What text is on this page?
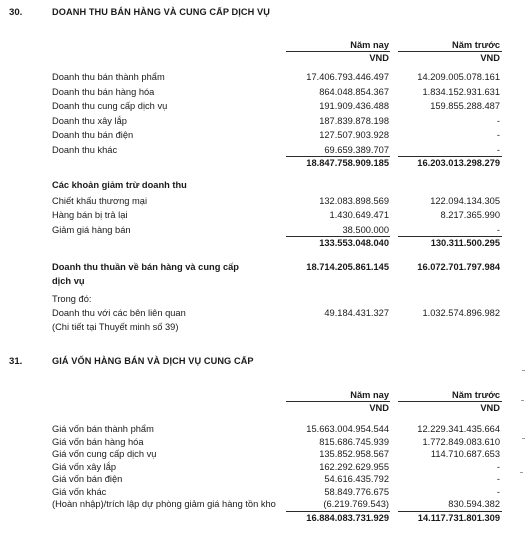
30.	DOANH THU BÁN HÀNG VÀ CUNG CẤP DỊCH VỤ
Năm nay	Năm trước
VND	VND
Doanh thu bán thành phẩm	17.406.793.446.497	14.209.005.078.161
Doanh thu bán hàng hóa	864.048.854.367	1.834.152.931.631
Doanh thu cung cấp dịch vụ	191.909.436.488	159.855.288.487
Doanh thu xây lắp	187.839.878.198	-
Doanh thu bán điện	127.507.903.928	-
Doanh thu khác	69.659.389.707	-
18.847.758.909.185	16.203.013.298.279
Các khoản giảm trừ doanh thu
Chiết khấu thương mại	132.083.898.569	122.094.134.305
Hàng bán bị trả lại	1.430.649.471	8.217.365.990
Giảm giá hàng bán	38.500.000	-
133.553.048.040	130.311.500.295
Doanh thu thuần về bán hàng và cung cấp	18.714.205.861.145	16.072.701.797.984
dịch vụ
Trong đó:
Doanh thu với các bên liên quan	49.184.431.327	1.032.574.896.982
(Chi tiết tại Thuyết minh số 39)
31.	GIÁ VỐN HÀNG BÁN VÀ DỊCH VỤ CUNG CẤP
Năm nay	Năm trước
VND	VND
Giá vốn bán thành phẩm	15.663.004.954.544	12.229.341.435.664
Giá vốn bán hàng hóa	815.686.745.939	1.772.849.083.610
Giá vốn cung cấp dịch vụ	135.852.958.567	114.710.687.653
Giá vốn xây lắp	162.292.629.955	-
Giá vốn bán điện	54.616.435.792	-
Giá vốn khác	58.849.776.675	-
(Hoàn nhập)/trích lập dự phòng giảm giá hàng tồn kho	(6.219.769.543)	830.594.382
16.884.083.731.929	14.117.731.801.309
